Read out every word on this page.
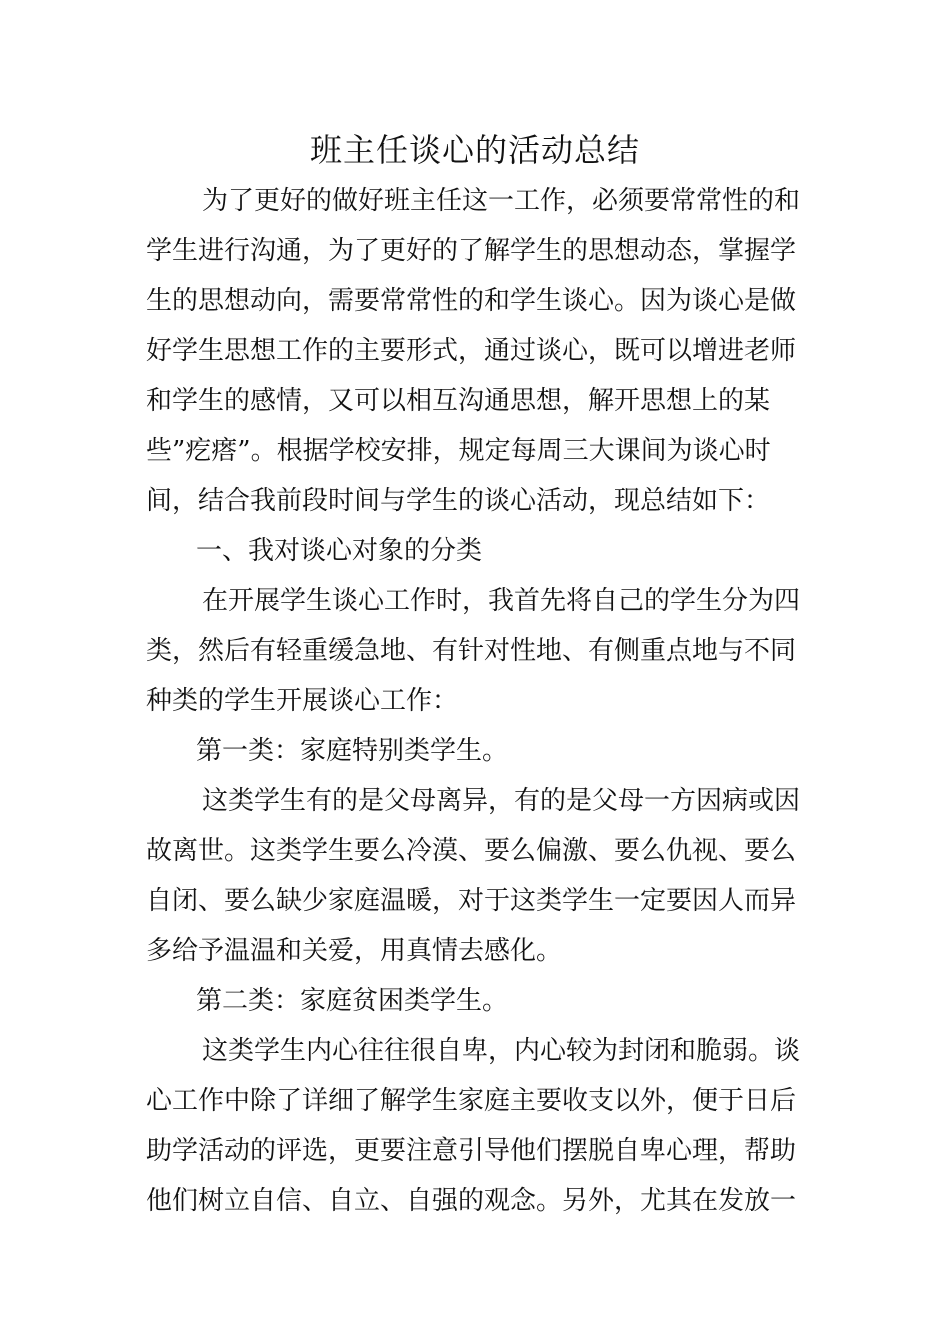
班主任谈心的活动总结
为了更好的做好班主任这一工作，必须要常常性的和
学生进行沟通，为了更好的了解学生的思想动态，掌握学
生的思想动向，需要常常性的和学生谈心。因为谈心是做
好学生思想工作的主要形式，通过谈心，既可以增进老师
和学生的感情，又可以相互沟通思想，解开思想上的某
些”疙瘩”。根据学校安排，规定每周三大课间为谈心时
间，结合我前段时间与学生的谈心活动，现总结如下：
一、我对谈心对象的分类
在开展学生谈心工作时，我首先将自己的学生分为四
类，然后有轻重缓急地、有针对性地、有侧重点地与不同
种类的学生开展谈心工作：
第一类：家庭特别类学生。
这类学生有的是父母离异，有的是父母一方因病或因
故离世。这类学生要么冷漠、要么偏激、要么仇视、要么
自闭、要么缺少家庭温暖，对于这类学生一定要因人而异
多给予温温和关爱，用真情去感化。
第二类：家庭贫困类学生。
这类学生内心往往很自卑，内心较为封闭和脆弱。谈
心工作中除了详细了解学生家庭主要收支以外，便于日后
助学活动的评选，更要注意引导他们摆脱自卑心理，帮助
他们树立自信、自立、自强的观念。另外，尤其在发放一
